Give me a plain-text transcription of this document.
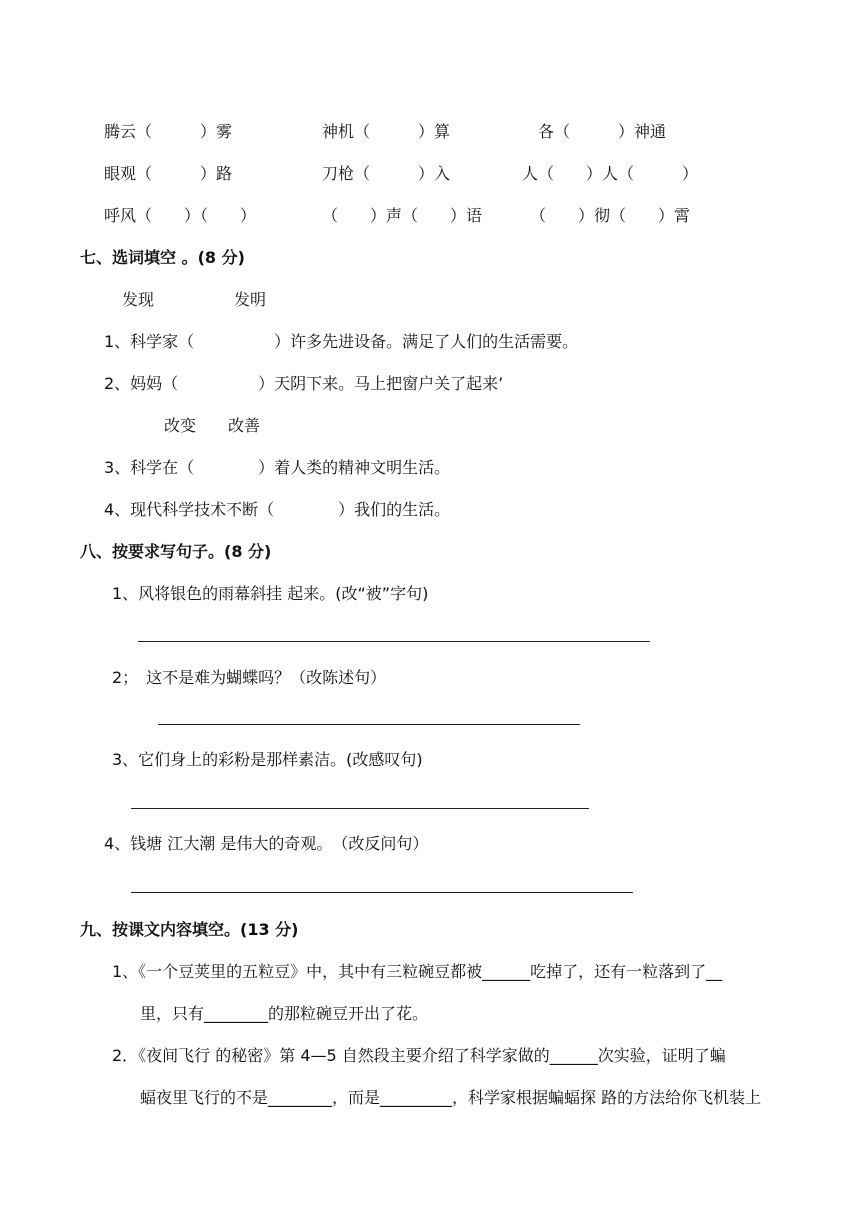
腾云（　　　）雾	神机（　　　）算	各（　　　）神通
眼观（　　　）路	刀枪（　　　）入	人（　　）人（　　　）
呼风（　　）（　　）	（　　）声（　　）语	（　　）彻（　　）霄
七、选词填空 。(8 分)
发现　　　　　发明
1、科学家（　　　　　）许多先进设备。满足了人们的生活需要。
2、妈妈（　　　　　）天阴下来。马上把窗户关了起来’
改变　　改善
3、科学在（　　　　）着人类的精神文明生活。
4、现代科学技术不断（　　　　）我们的生活。
八、按要求写句子。(8 分)
1、风将银色的雨幕斜挂 起来。(改“被”字句)
2；　这不是难为蝴蝶吗？（改陈述句）
3、它们身上的彩粉是那样素洁。(改感叹句)
4、钱塘 江大潮 是伟大的奇观。　（改反问句）
九、按课文内容填空。(13 分)
1、《一个豆荚里的五粒豆》中，其中有三粒碗豆都被______吃掉了，还有一粒落到了__
里，只有________的那粒碗豆开出了花。
2．《夜间飞行 的秘密》第 4—5 自然段主要介绍了科学家做的______次实验，证明了蝙
蝠夜里飞行的不是________，而是_________，科学家根据蝙蝠探 路的方法给你飞机装上
